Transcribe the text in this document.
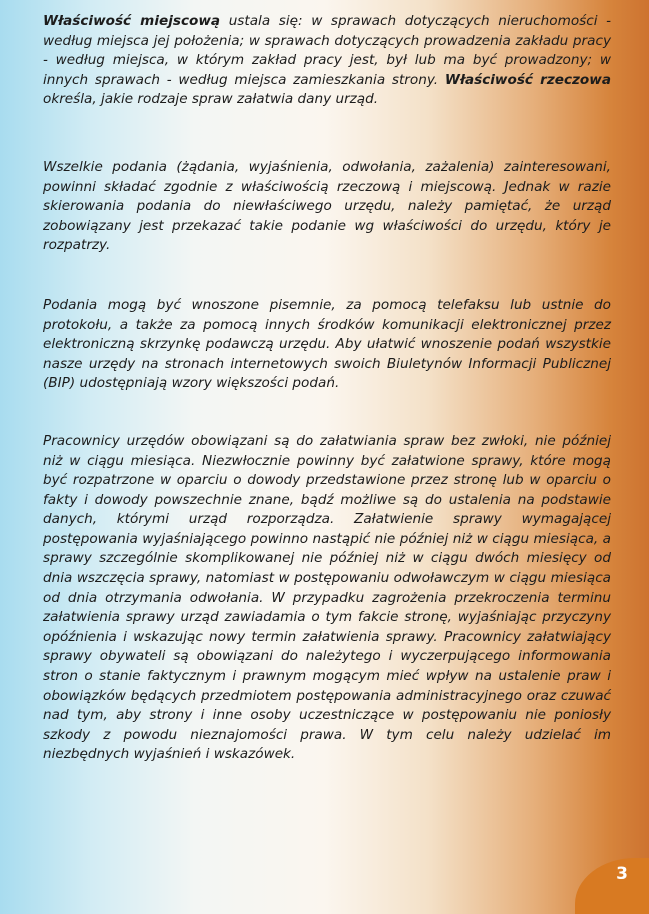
Właściwość miejscową ustala się: w sprawach dotyczących nieruchomości - według miejsca jej położenia; w sprawach dotyczących prowadzenia zakładu pracy - według miejsca, w którym zakład pracy jest, był lub ma być prowadzony; w innych sprawach - według miejsca zamieszkania strony. Właściwość rzeczowa określa, jakie rodzaje spraw załatwia dany urząd.

Wszelkie podania (żądania, wyjaśnienia, odwołania, zażalenia) zainteresowani, powinni składać zgodnie z właściwością rzeczową i miejscową. Jednak w razie skierowania podania do niewłaściwego urzędu, należy pamiętać, że urząd zobowiązany jest przekazać takie podanie wg właściwości do urzędu, który je rozpatrzy.

Podania mogą być wnoszone pisemnie, za pomocą telefaksu lub ustnie do protokołu, a także za pomocą innych środków komunikacji elektronicznej przez elektroniczną skrzynkę podawczą urzędu. Aby ułatwić wnoszenie podań wszystkie nasze urzędy na stronach internetowych swoich Biuletynów Informacji Publicznej (BIP) udostępniają wzory większości podań.

Pracownicy urzędów obowiązani są do załatwiania spraw bez zwłoki, nie później niż w ciągu miesiąca. Niezwłocznie powinny być załatwione sprawy, które mogą być rozpatrzone w oparciu o dowody przedstawione przez stronę lub w oparciu o fakty i dowody powszechnie znane, bądź możliwe są do ustalenia na podstawie danych, którymi urząd rozporządza. Załatwienie sprawy wymagającej postępowania wyjaśniającego powinno nastąpić nie później niż w ciągu miesiąca, a sprawy szczególnie skomplikowanej nie później niż w ciągu dwóch miesięcy od dnia wszczęcia sprawy, natomiast w postępowaniu odwoławczym w ciągu miesiąca od dnia otrzymania odwołania. W przypadku zagrożenia przekroczenia terminu załatwienia sprawy urząd zawiadamia o tym fakcie stronę, wyjaśniając przyczyny opóźnienia i wskazując nowy termin załatwienia sprawy. Pracownicy załatwiający sprawy obywateli są obowiązani do należytego i wyczerpującego informowania stron o stanie faktycznym i prawnym mogącym mieć wpływ na ustalenie praw i obowiązków będących przedmiotem postępowania administracyjnego oraz czuwać nad tym, aby strony i inne osoby uczestniczące w postępowaniu nie poniosły szkody z powodu nieznajomości prawa. W tym celu należy udzielać im niezbędnych wyjaśnień i wskazówek.

3
